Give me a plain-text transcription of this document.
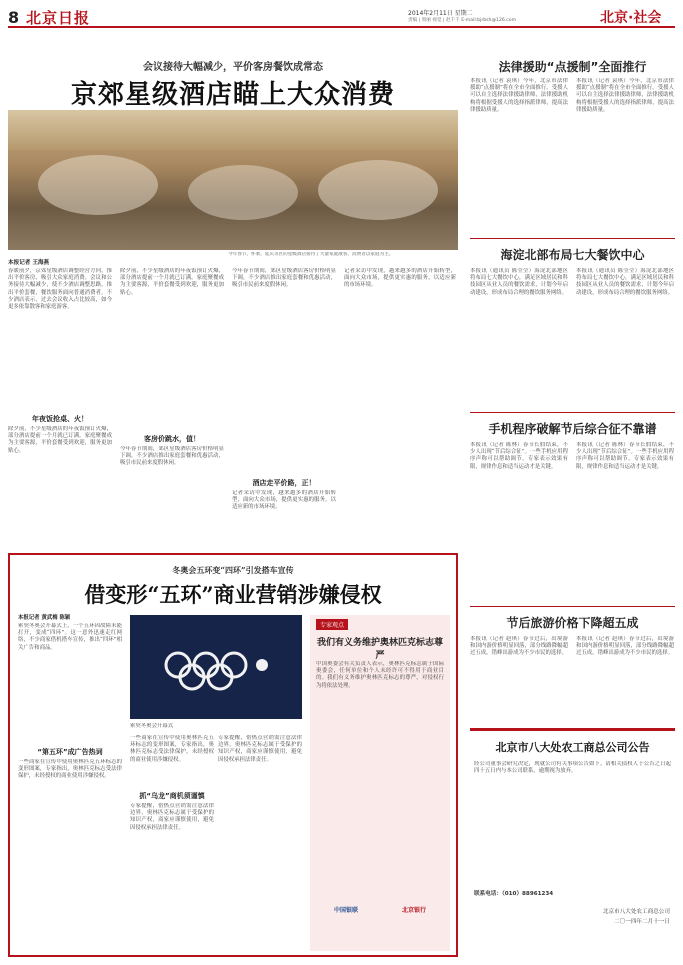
8 北京日报	2014年2月11日 星期二
责编 | 周丽 视觉 | 赵千千 E-mail:bjrbsh@126.com	北京·社会
会议接待大幅减少，平价客房餐饮成常态
京郊星级酒店瞄上大众消费
今年春节，怀柔、延庆等区的星级酒店接待了大量家庭散客，消费者以家庭为主。
本报记者 王海燕
春暖前夕，京郊星级酒店调整经营方向，推出平价客房，吸引大众家庭消费。会议和公务接待大幅减少，使不少酒店调整思路，推出平价套餐，餐饮服务面向普通消费者。不少酒店表示，过去会议收入占比较高，如今更多依靠散客和家庭游客。
年夜饭抢桌、火！
除夕前，不少星级酒店的年夜饭预订火爆，部分酒店提前一个月就已订满。家庭聚餐成为主要客源，平价套餐受到欢迎，服务更加贴心。
除夕前，不少星级酒店的年夜饭预订火爆，部分酒店提前一个月就已订满。家庭聚餐成为主要客源，平价套餐受到欢迎，服务更加贴心。
客房价跳水，值！
今年春节期间，郊区星级酒店客房价格明显下调，不少酒店推出家庭套餐和优惠活动，吸引市民前来度假休闲。
今年春节期间，郊区星级酒店客房价格明显下调，不少酒店推出家庭套餐和优惠活动，吸引市民前来度假休闲。
酒店走平价路，正！
记者采访中发现，越来越多的酒店开始转型，面向大众市场，提供更实惠的服务，以适应新的市场环境。
记者采访中发现，越来越多的酒店开始转型，面向大众市场，提供更实惠的服务，以适应新的市场环境。
冬奥会五环变“四环”引发搭车宣传
借变形“五环”商业营销涉嫌侵权
本报记者 黄武梅 陈颖
索契冬奥会开幕式上，一个五环因故障未能打开，变成“四环”。这一意外迅速走红网络，不少商家借机搭车宣传，推出“四环”相关广告和商品。
“第五环”成广告热词
一些商家在宣传中使用奥林匹克五环标志的变形图案，专家指出，奥林匹克标志受法律保护，未经授权的商业使用涉嫌侵权。
索契冬奥会开幕式
一些商家在宣传中使用奥林匹克五环标志的变形图案，专家指出，奥林匹克标志受法律保护，未经授权的商业使用涉嫌侵权。
抓“乌龙”商机须谨慎
专家提醒，借热点营销需注意法律边界，奥林匹克标志属于受保护的知识产权，商家应谨慎使用，避免因侵权承担法律责任。
专家提醒，借热点营销需注意法律边界，奥林匹克标志属于受保护的知识产权，商家应谨慎使用，避免因侵权承担法律责任。
专家观点
我们有义务维护奥林匹克标志尊严
中国奥委会有关负责人表示，奥林匹克标志属于国际奥委会，任何单位和个人未经许可不得用于商业目的。我们有义务维护奥林匹克标志的尊严，对侵权行为将依法处理。
中国银联	北京银行
法律援助“点援制”全面推行
本报讯（记者 袁琪）今年，北京市法律援助“点援制”将在全市全面推行。受援人可以自主选择法律援助律师，法律援助机构将根据受援人的选择指派律师，提高法律援助质量。
本报讯（记者 袁琪）今年，北京市法律援助“点援制”将在全市全面推行。受援人可以自主选择法律援助律师，法律援助机构将根据受援人的选择指派律师，提高法律援助质量。
海淀北部布局七大餐饮中心
本报讯（通讯员 陈莹莹）海淀北部地区将布局七大餐饮中心，满足区域居民和科技园区从业人员的餐饮需求，计划今年启动建设，形成布局合理的餐饮服务网络。
本报讯（通讯员 陈莹莹）海淀北部地区将布局七大餐饮中心，满足区域居民和科技园区从业人员的餐饮需求，计划今年启动建设，形成布局合理的餐饮服务网络。
手机程序破解节后综合征不靠谱
本报讯（记者 陈林）春节长假结束，不少人出现“节后综合征”。一些手机应用程序声称可以帮助调节，专家表示效果有限，规律作息和适当运动才是关键。
本报讯（记者 陈林）春节长假结束，不少人出现“节后综合征”。一些手机应用程序声称可以帮助调节，专家表示效果有限，规律作息和适当运动才是关键。
节后旅游价格下降超五成
本报讯（记者 赵琪）春节过后，出境游和国内游价格明显回落，部分线路降幅超过五成，错峰出游成为不少市民的选择。
本报讯（记者 赵琪）春节过后，出境游和国内游价格明显回落，部分线路降幅超过五成，错峰出游成为不少市民的选择。
北京市八大处农工商总公司公告
经公司董事会研究决定，现就公司有关事项公告如下。请相关债权人于公告之日起四十五日内与本公司联系，逾期视为放弃。
联系电话：（010）88961234
北京市八大处农工商总公司
二〇一四年二月十一日
